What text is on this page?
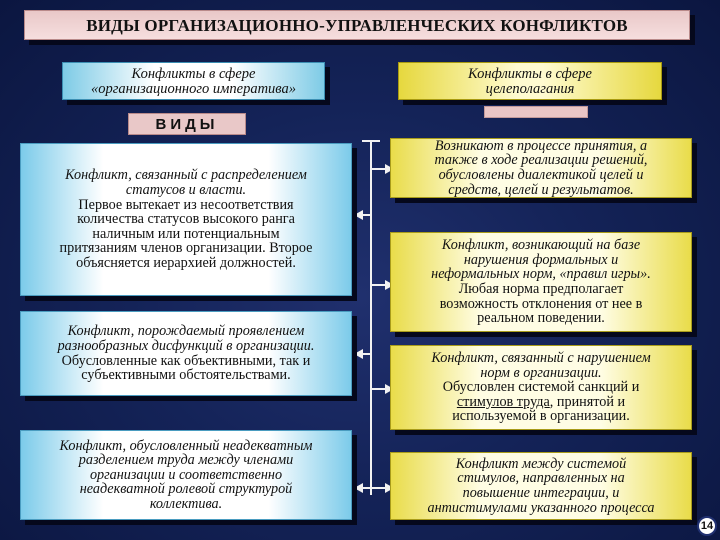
ВИДЫ ОРГАНИЗАЦИОННО-УПРАВЛЕНЧЕСКИХ КОНФЛИКТОВ
Конфликты в сфере
«организационного императива»
Конфликты в сфере
целеполагания
ВИДЫ
Конфликт, связанный с распределением
статусов и власти.
Первое вытекает из несоответствия
количества статусов высокого ранга
наличным или потенциальным
притязаниям членов организации. Второе
объясняется иерархией должностей.
Конфликт, порождаемый проявлением
разнообразных дисфункций в организации.
Обусловленные как объективными, так и
субъективными обстоятельствами.
Конфликт, обусловленный неадекватным
разделением труда между членами
организации и соответственно
неадекватной ролевой структурой
коллектива.
Возникают в процессе принятия, а
также в ходе реализации решений,
обусловлены диалектикой целей и
средств, целей и результатов.
Конфликт, возникающий на базе
нарушения формальных и
неформальных норм, «правил игры».
Любая норма предполагает
возможность отклонения от нее в
реальном поведении.
Конфликт, связанный с нарушением
норм в организации.
Обусловлен системой санкций и
стимулов труда, принятой и
используемой в организации.
Конфликт между системой
стимулов, направленных на
повышение интеграции, и
антистимулами указанного процесса
14
